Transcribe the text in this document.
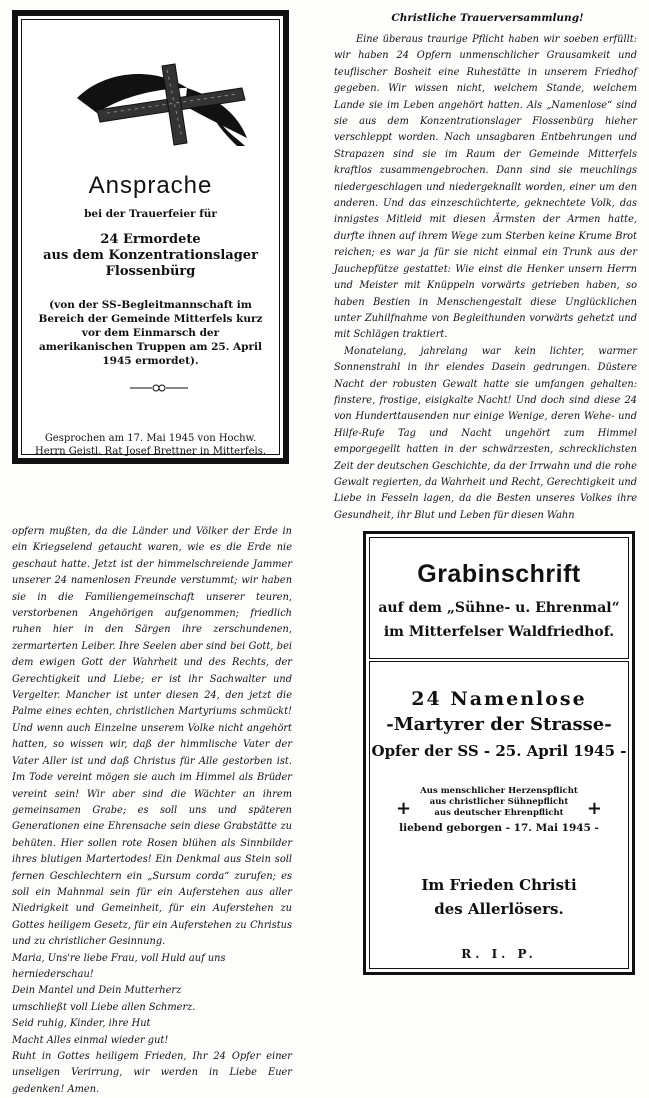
Ansprache
bei der Trauerfeier für
24 Ermordete
aus dem Konzentrationslager
Flossenbürg
(von der SS-Begleitmannschaft im Bereich der Gemeinde Mitterfels kurz vor dem Einmarsch der amerikanischen Truppen am 25. April 1945 ermordet).
Gesprochen am 17. Mai 1945 von Hochw. Herrn Geistl. Rat Josef Brettner in Mitterfels.
Christliche Trauerversammlung!
Eine überaus traurige Pflicht haben wir soeben erfüllt: wir haben 24 Opfern unmenschlicher Grausamkeit und teuflischer Bosheit eine Ruhestätte in unserem Friedhof gegeben. Wir wissen nicht, welchem Stande, welchem Lande sie im Leben angehört hatten. Als „Namenlose“ sind sie aus dem Konzentrationslager Flossenbürg hieher verschleppt worden. Nach unsagbaren Entbehrungen und Strapazen sind sie im Raum der Gemeinde Mitterfels kraftlos zusammengebrochen. Dann sind sie meuchlings niedergeschlagen und niedergeknallt worden, einer um den anderen. Und das einzeschüchterte, geknechtete Volk, das innigstes Mitleid mit diesen Ärmsten der Armen hatte, durfte ihnen auf ihrem Wege zum Sterben keine Krume Brot reichen; es war ja für sie nicht einmal ein Trunk aus der Jauchepfütze gestattet: Wie einst die Henker unsern Herrn und Meister mit Knüppeln vorwärts getrieben haben, so haben Bestien in Menschengestalt diese Unglücklichen unter Zuhilfnahme von Begleithunden vorwärts gehetzt und mit Schlägen traktiert.
Monatelang, jahrelang war kein lichter, warmer Sonnenstrahl in ihr elendes Dasein gedrungen. Düstere Nacht der robusten Gewalt hatte sie umfangen gehalten: finstere, frostige, eisigkalte Nacht! Und doch sind diese 24 von Hunderttausenden nur einige Wenige, deren Wehe- und Hilfe-Rufe Tag und Nacht ungehört zum Himmel emporgegellt hatten in der schwärzesten, schrecklichsten Zeit der deutschen Geschichte, da der Irrwahn und die rohe Gewalt regierten, da Wahrheit und Recht, Gerechtigkeit und Liebe in Fesseln lagen, da die Besten unseres Volkes ihre Gesundheit, ihr Blut und Leben für diesen Wahn
opfern mußten, da die Länder und Völker der Erde in ein Kriegselend getaucht waren, wie es die Erde nie geschaut hatte. Jetzt ist der himmelschreiende Jammer unserer 24 namenlosen Freunde verstummt; wir haben sie in die Familiengemeinschaft unserer teuren, verstorbenen Angehörigen aufgenommen; friedlich ruhen hier in den Särgen ihre zerschundenen, zermarterten Leiber. Ihre Seelen aber sind bei Gott, bei dem ewigen Gott der Wahrheit und des Rechts, der Gerechtigkeit und Liebe; er ist ihr Sachwalter und Vergelter. Mancher ist unter diesen 24, den jetzt die Palme eines echten, christlichen Martyriums schmückt! Und wenn auch Einzelne unserem Volke nicht angehört hatten, so wissen wir, daß der himmlische Vater der Vater Aller ist und daß Christus für Alle gestorben ist. Im Tode vereint mögen sie auch im Himmel als Brüder vereint sein! Wir aber sind die Wächter an ihrem gemeinsamen Grabe; es soll uns und späteren Generationen eine Ehrensache sein diese Grabstätte zu behüten. Hier sollen rote Rosen blühen als Sinnbilder ihres blutigen Martertodes! Ein Denkmal aus Stein soll fernen Geschlechtern ein „Sursum corda“ zurufen; es soll ein Mahnmal sein für ein Auferstehen aus aller Niedrigkeit und Gemeinheit, für ein Auferstehen zu Gottes heiligem Gesetz, für ein Auferstehen zu Christus und zu christlicher Gesinnung.
Maria, Uns're liebe Frau, voll Huld auf uns herniederschau!
Dein Mantel und Dein Mutterherz
umschließt voll Liebe allen Schmerz.
Seid ruhig, Kinder, ihre Hut
Macht Alles einmal wieder gut!
Ruht in Gottes heiligem Frieden, Ihr 24 Opfer einer unseligen Verirrung, wir werden in Liebe Euer gedenken! Amen.
Grabinschrift
auf dem „Sühne- u. Ehrenmal“
im Mitterfelser Waldfriedhof.
24 Namenlose
-Martyrer der Strasse-
Opfer der SS - 25. April 1945 -
Aus menschlicher Herzenspflicht
aus christlicher Sühnepflicht
aus deutscher Ehrenpflicht
+	+
liebend geborgen - 17. Mai 1945 -
Im Frieden Christi
des Allerlösers.
R. I. P.
